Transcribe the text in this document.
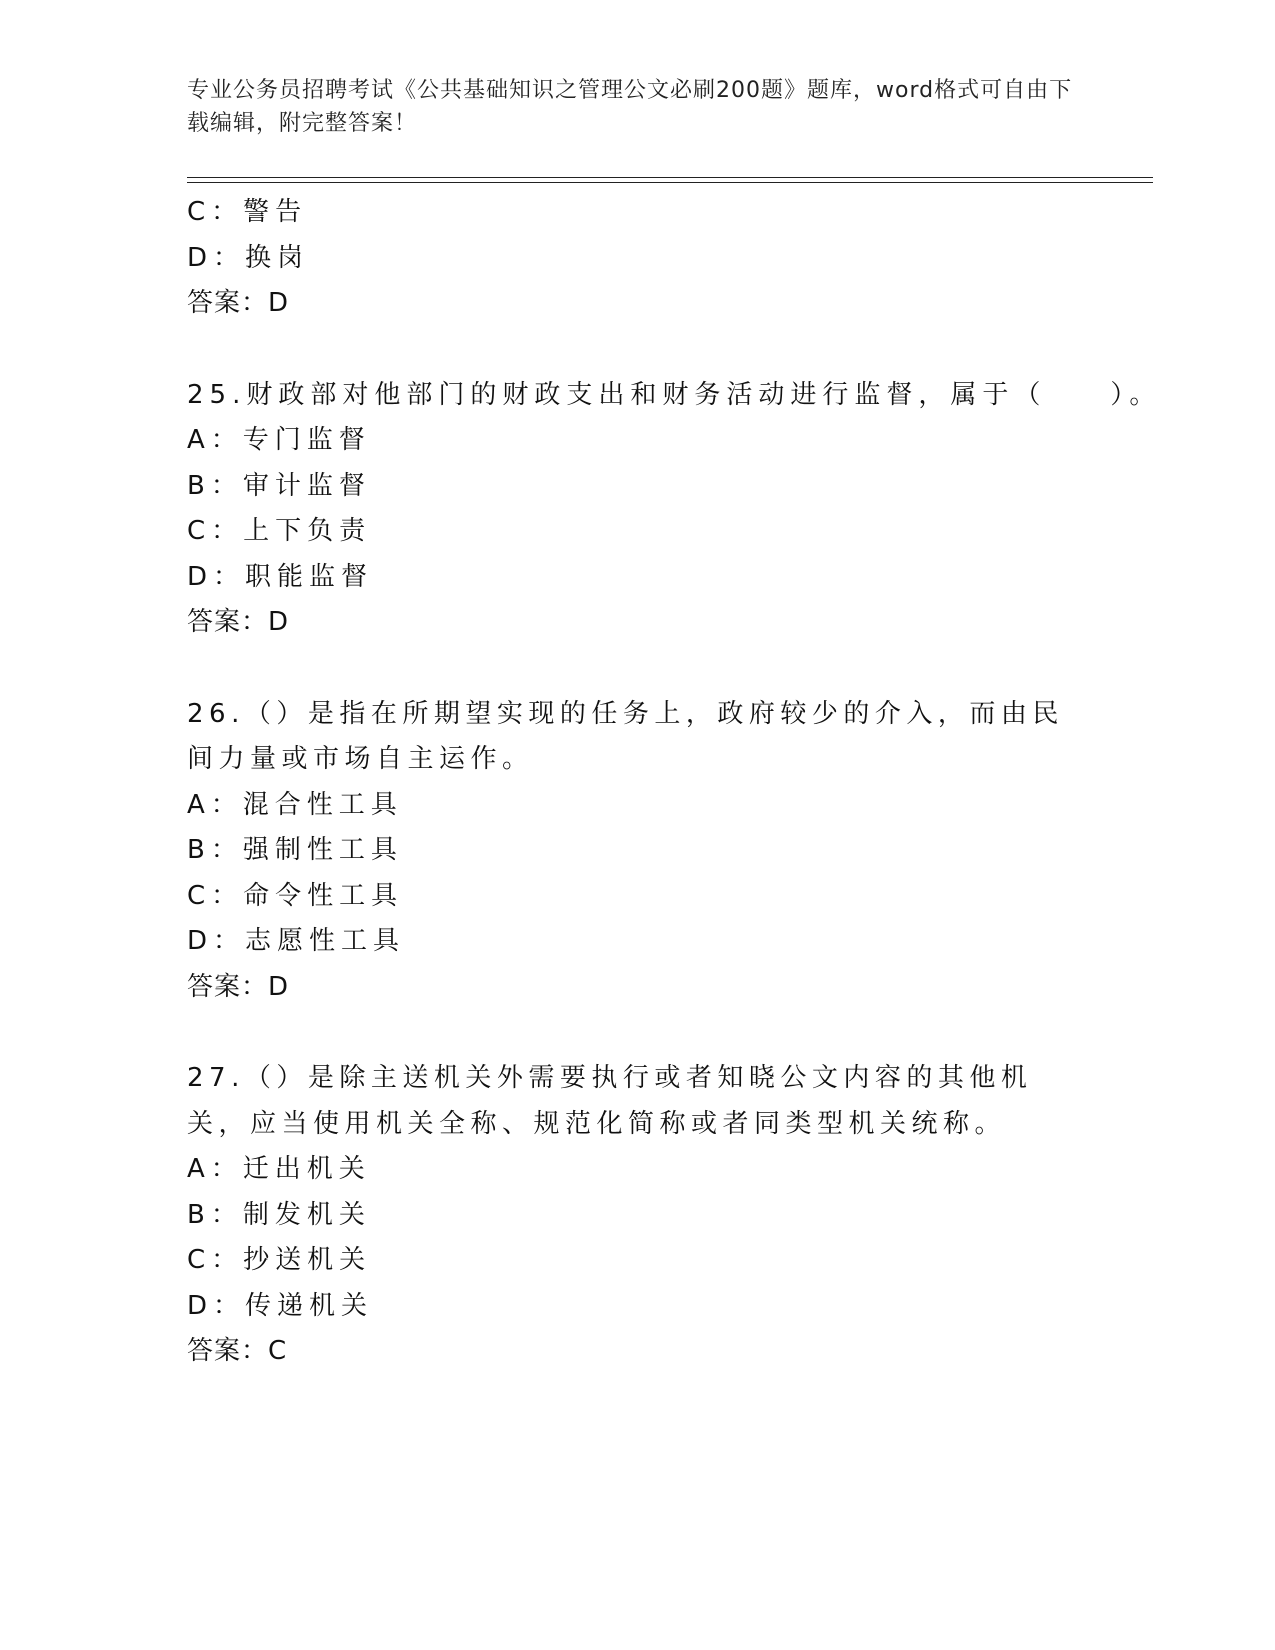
专业公务员招聘考试《公共基础知识之管理公文必刷200题》题库，word格式可自由下载编辑，附完整答案！
C：警告
D：换岗
答案：D
25.财政部对他部门的财政支出和财务活动进行监督，属于（　　）。
A：专门监督
B：审计监督
C：上下负责
D：职能监督
答案：D
26.（）是指在所期望实现的任务上，政府较少的介入，而由民间力量或市场自主运作。
A：混合性工具
B：强制性工具
C：命令性工具
D：志愿性工具
答案：D
27.（）是除主送机关外需要执行或者知晓公文内容的其他机关，应当使用机关全称、规范化简称或者同类型机关统称。
A：迁出机关
B：制发机关
C：抄送机关
D：传递机关
答案：C
